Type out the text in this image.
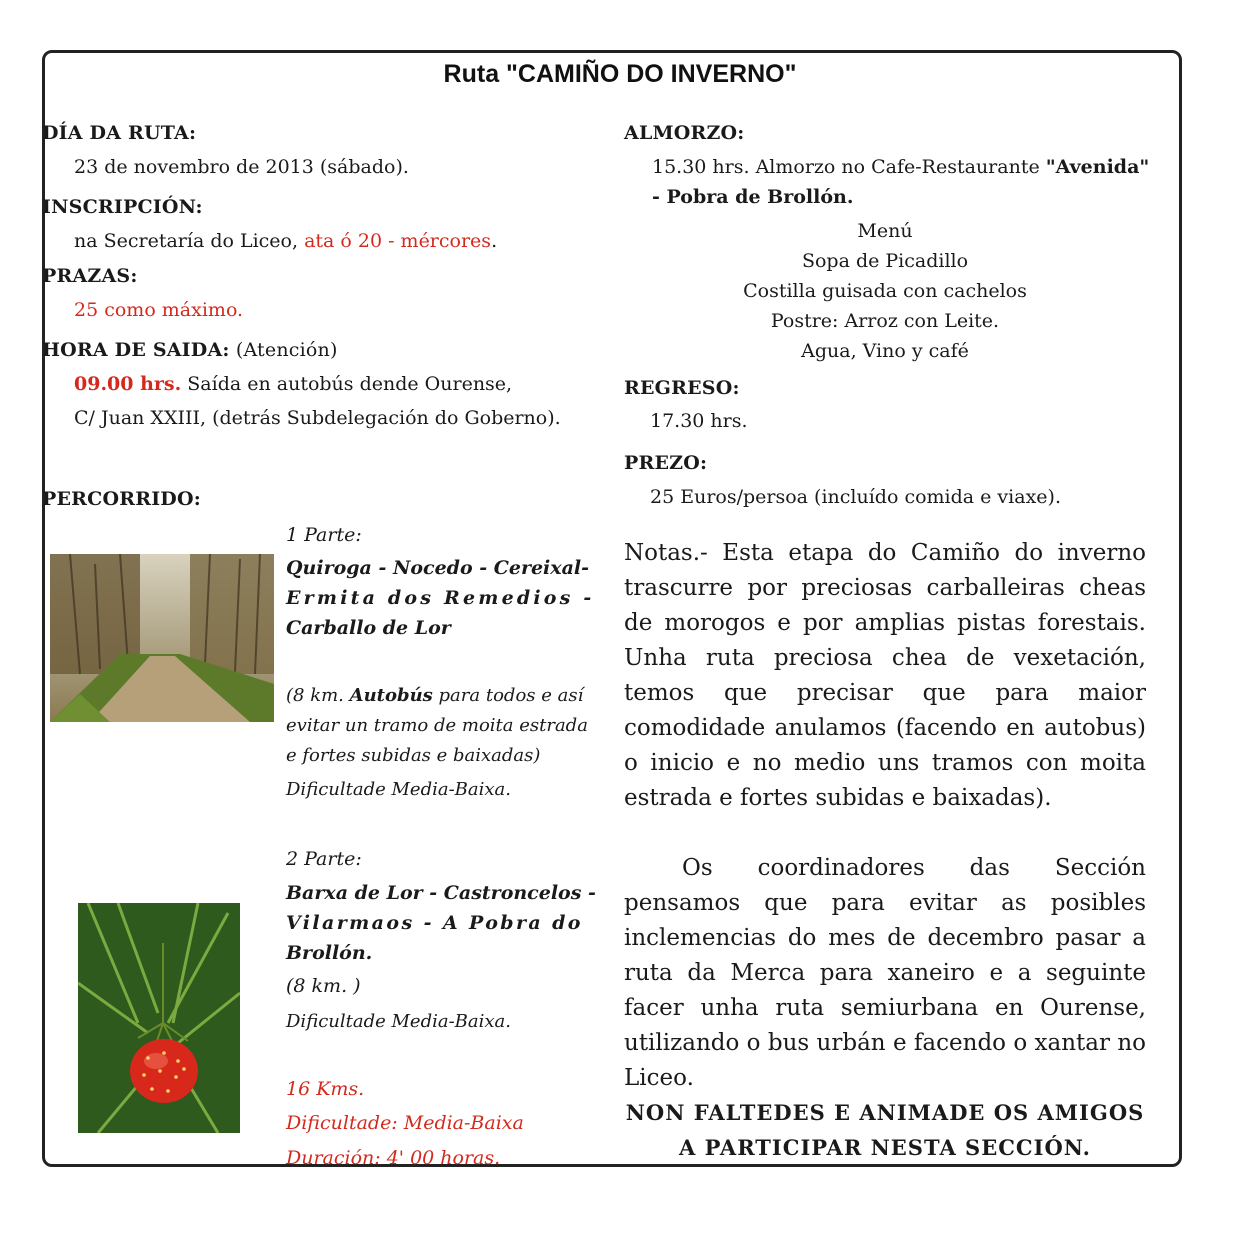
Ruta "CAMIÑO DO INVERNO"
DÍA DA RUTA:
23 de novembro de 2013 (sábado).
INSCRIPCIÓN:
na Secretaría do Liceo, ata ó 20 - mércores.
PRAZAS:
25 como máximo.
HORA DE SAIDA: (Atención)
09.00 hrs. Saída en autobús dende Ourense,
C/ Juan XXIII, (detrás Subdelegación do Goberno).
PERCORRIDO:
1 Parte:
Quiroga - Nocedo - Cereixal-
Ermita dos Remedios -
Carballo de Lor
(8 km. Autobús para todos e así
evitar un tramo de moita estrada
e fortes subidas e baixadas)
Dificultade Media-Baixa.
2 Parte:
Barxa de Lor - Castroncelos -
Vilarmaos - A Pobra do
Brollón.
(8 km. )
Dificultade Media-Baixa.
16 Kms.
Dificultade: Media-Baixa
Duración: 4' 00 horas.
ALMORZO:
15.30 hrs. Almorzo no Cafe-Restaurante "Avenida"
- Pobra de Brollón.
Menú
Sopa de Picadillo
Costilla guisada con cachelos
Postre: Arroz con Leite.
Agua, Vino y café
REGRESO:
17.30 hrs.
PREZO:
25 Euros/persoa (incluído comida e viaxe).

Notas.- Esta etapa do Camiño do inverno trascurre por preciosas carballeiras cheas de morogos e por amplias pistas forestais. Unha ruta preciosa chea de vexetación, temos que precisar que para maior comodidade anulamos (facendo en autobus) o inicio e no medio uns tramos con moita estrada e fortes subidas e baixadas).

Os coordinadores das Sección pensamos que para evitar as posibles inclemencias do mes de decembro pasar a ruta da Merca para xaneiro e a seguinte facer unha ruta semiurbana en Ourense, utilizando o bus urbán e facendo o xantar no Liceo.

NON FALTEDES E ANIMADE OS AMIGOS
A PARTICIPAR NESTA SECCIÓN.
